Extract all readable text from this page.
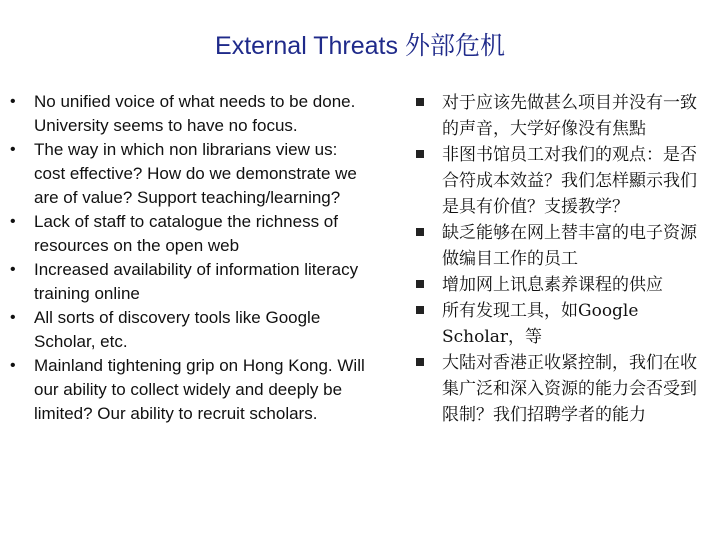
External Threats 外部危机
• No unified voice of what needs to be done. University seems to have no focus.
• The way in which non librarians view us: cost effective? How do we demonstrate we are of value? Support teaching/learning?
• Lack of staff to catalogue the richness of resources on the open web
• Increased availability of information literacy training online
• All sorts of discovery tools like Google Scholar, etc.
• Mainland tightening grip on Hong Kong. Will our ability to collect widely and deeply be limited? Our ability to recruit scholars.
对于应该先做甚么项目并没有一致的声音，大学好像没有焦點
非图书馆员工对我们的观点：是否合符成本效益？我们怎样顯示我们是具有价值？支援教学？
缺乏能够在网上替丰富的电子资源做编目工作的员工
增加网上讯息素养课程的供应
所有发现工具，如Google Scholar，等
大陆对香港正收紧控制，我们在收集广泛和深入资源的能力会否受到限制？我们招聘学者的能力
